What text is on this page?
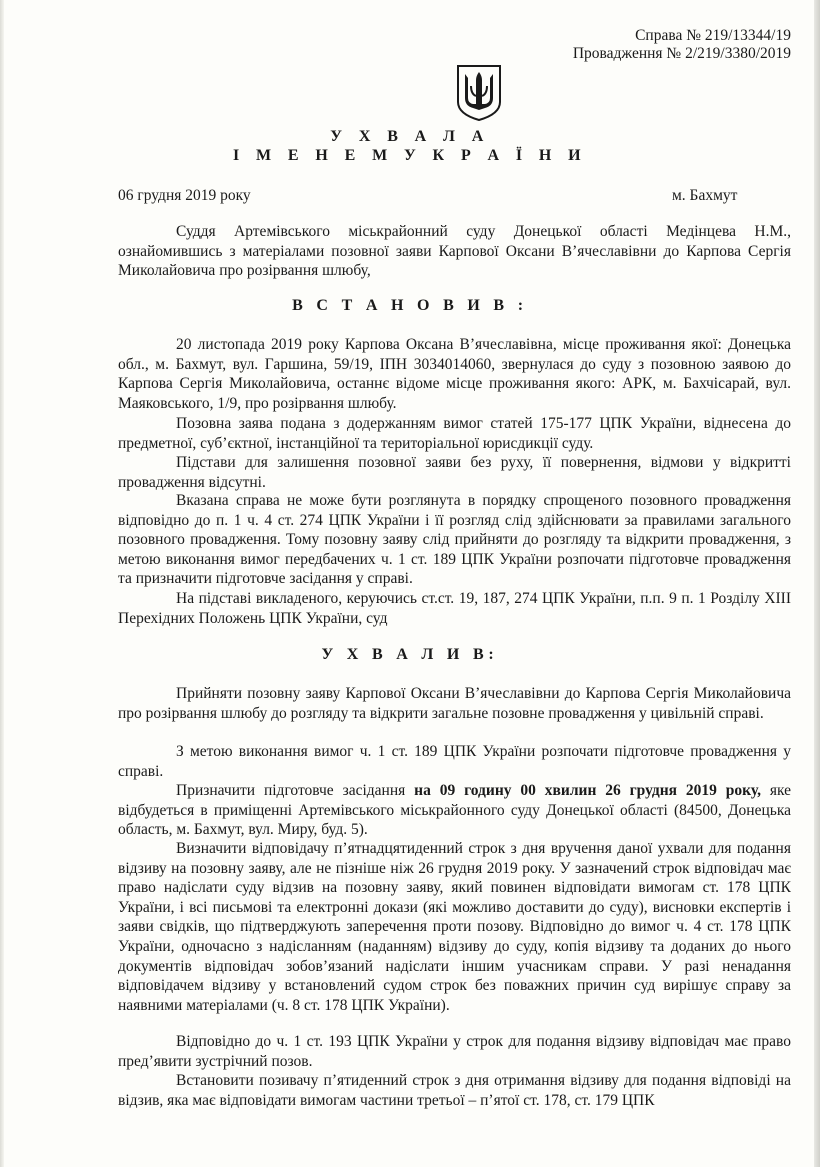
Справа № 219/13344/19
Провадження № 2/219/3380/2019
У Х В А Л А
І М Е Н Е М У К Р А Ї Н И
06 грудня 2019 року	м. Бахмут

Суддя Артемівського міськрайонний суду Донецької області Медінцева Н.М., ознайомившись з матеріалами позовної заяви Карпової Оксани В’ячеславівни до Карпова Сергія Миколайовича про розірвання шлюбу,

В С Т А Н О В И В :

20 листопада 2019 року Карпова Оксана В’ячеславівна, місце проживання якої: Донецька обл., м. Бахмут, вул. Гаршина, 59/19, ІПН 3034014060, звернулася до суду з позовною заявою до Карпова Сергія Миколайовича, останнє відоме місце проживання якого: АРК, м. Бахчісарай, вул. Маяковського, 1/9, про розірвання шлюбу.

Позовна заява подана з додержанням вимог статей 175-177 ЦПК України, віднесена до предметної, суб’єктної, інстанційної та територіальної юрисдикції суду.

Підстави для залишення позовної заяви без руху, її повернення, відмови у відкритті провадження відсутні.

Вказана справа не може бути розглянута в порядку спрощеного позовного провадження відповідно до п. 1 ч. 4 ст. 274 ЦПК України і її розгляд слід здійснювати за правилами загального позовного провадження. Тому позовну заяву слід прийняти до розгляду та відкрити провадження, з метою виконання вимог передбачених ч. 1 ст. 189 ЦПК України розпочати підготовче провадження та призначити підготовче засідання у справі.

На підставі викладеного, керуючись ст.ст. 19, 187, 274 ЦПК України, п.п. 9 п. 1 Розділу XIII Перехідних Положень ЦПК України, суд

У Х В А Л И В:

Прийняти позовну заяву Карпової Оксани В’ячеславівни до Карпова Сергія Миколайовича про розірвання шлюбу до розгляду та відкрити загальне позовне провадження у цивільній справі.

З метою виконання вимог ч. 1 ст. 189 ЦПК України розпочати підготовче провадження у справі.

Призначити підготовче засідання на 09 годину 00 хвилин 26 грудня 2019 року, яке відбудеться в приміщенні Артемівського міськрайонного суду Донецької області (84500, Донецька область, м. Бахмут, вул. Миру, буд. 5).

Визначити відповідачу п’ятнадцятиденний строк з дня вручення даної ухвали для подання відзиву на позовну заяву, але не пізніше ніж 26 грудня 2019 року. У зазначений строк відповідач має право надіслати суду відзив на позовну заяву, який повинен відповідати вимогам ст. 178 ЦПК України, і всі письмові та електронні докази (які можливо доставити до суду), висновки експертів і заяви свідків, що підтверджують заперечення проти позову. Відповідно до вимог ч. 4 ст. 178 ЦПК України, одночасно з надісланням (наданням) відзиву до суду, копія відзиву та доданих до нього документів відповідач зобов’язаний надіслати іншим учасникам справи. У разі ненадання відповідачем відзиву у встановлений судом строк без поважних причин суд вирішує справу за наявними матеріалами (ч. 8 ст. 178 ЦПК України).

Відповідно до ч. 1 ст. 193 ЦПК України у строк для подання відзиву відповідач має право пред’явити зустрічний позов.

Встановити позивачу п’ятиденний строк з дня отримання відзиву для подання відповіді на відзив, яка має відповідати вимогам частини третьої – п’ятої ст. 178, ст. 179 ЦПК
